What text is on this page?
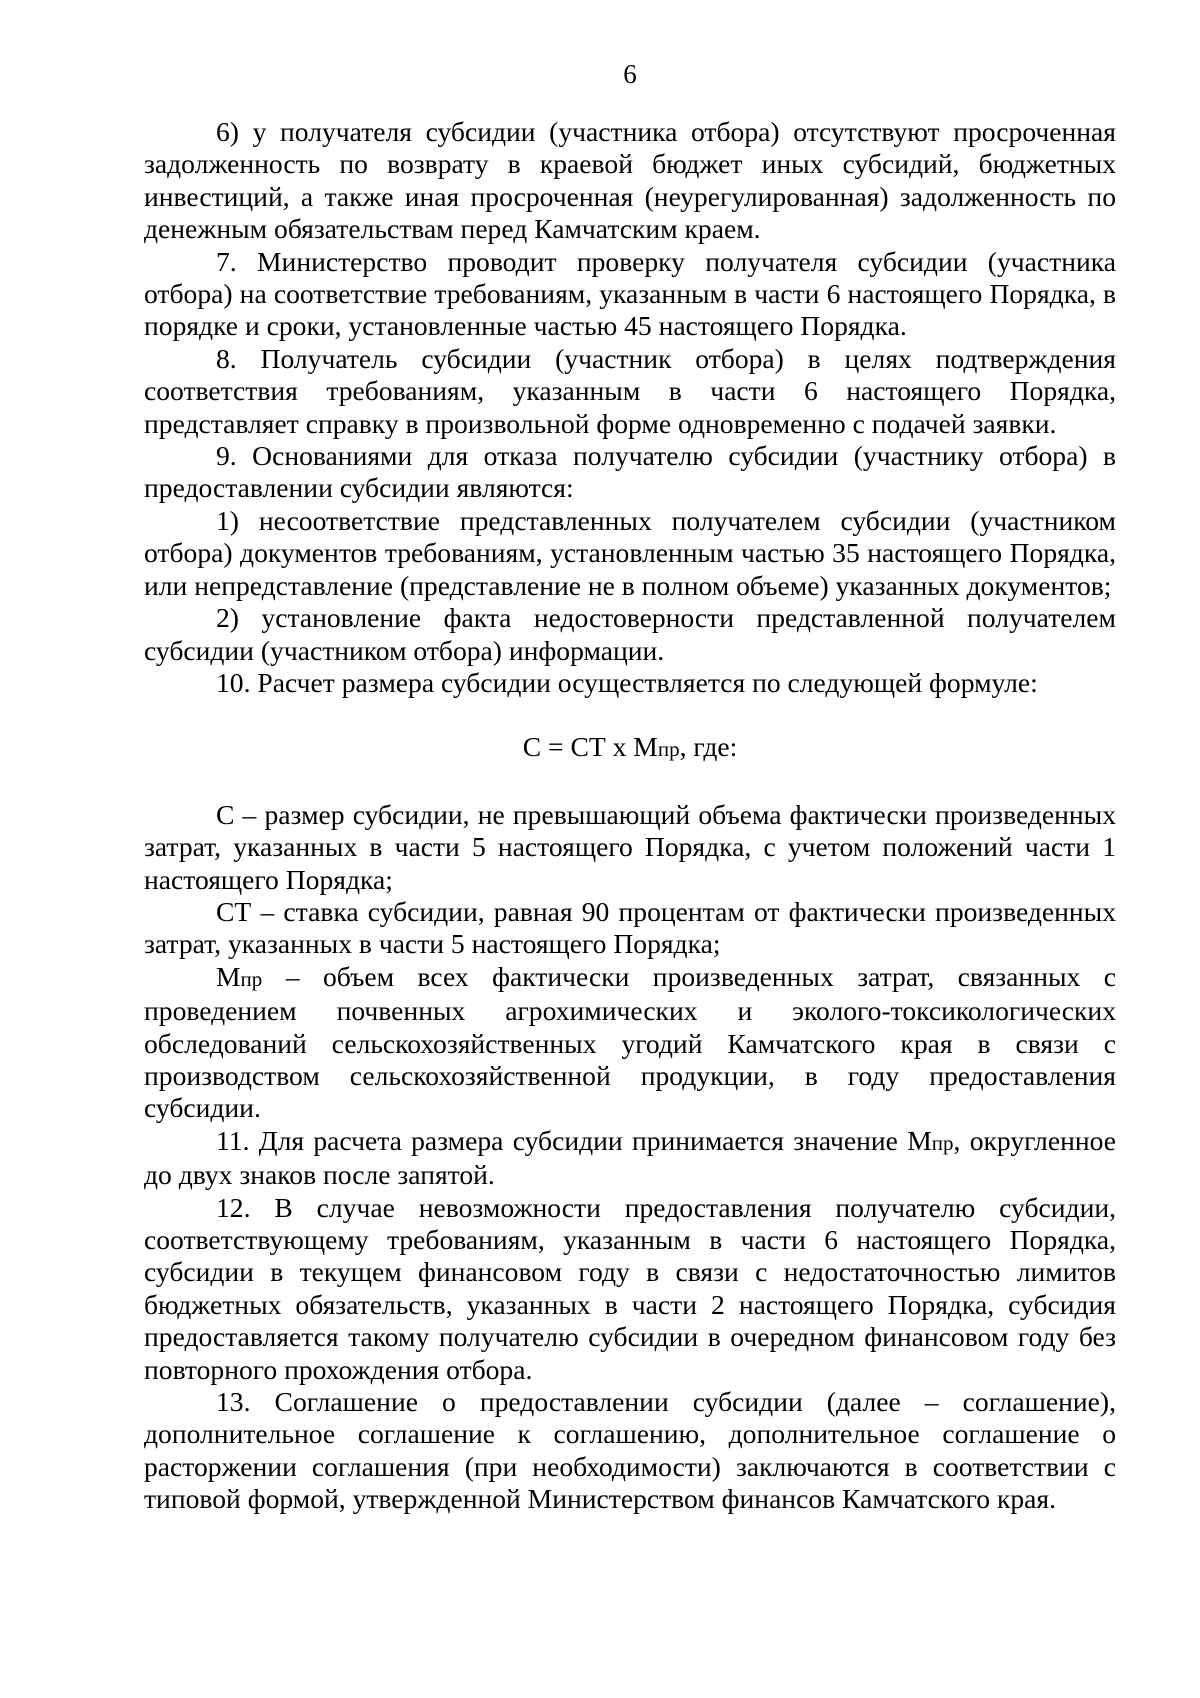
6

6) у получателя субсидии (участника отбора) отсутствуют просроченная задолженность по возврату в краевой бюджет иных субсидий, бюджетных инвестиций, а также иная просроченная (неурегулированная) задолженность по денежным обязательствам перед Камчатским краем.

7. Министерство проводит проверку получателя субсидии (участника отбора) на соответствие требованиям, указанным в части 6 настоящего Порядка, в порядке и сроки, установленные частью 45 настоящего Порядка.

8. Получатель субсидии (участник отбора) в целях подтверждения соответствия требованиям, указанным в части 6 настоящего Порядка, представляет справку в произвольной форме одновременно с подачей заявки.

9. Основаниями для отказа получателю субсидии (участнику отбора) в предоставлении субсидии являются:

1) несоответствие представленных получателем субсидии (участником отбора) документов требованиям, установленным частью 35 настоящего Порядка, или непредставление (представление не в полном объеме) указанных документов;

2) установление факта недостоверности представленной получателем субсидии (участником отбора) информации.

10. Расчет размера субсидии осуществляется по следующей формуле:

С = СТ х Мпр, где:

С – размер субсидии, не превышающий объема фактически произведенных затрат, указанных в части 5 настоящего Порядка, с учетом положений части 1 настоящего Порядка;

СТ – ставка субсидии, равная 90 процентам от фактически произведенных затрат, указанных в части 5 настоящего Порядка;

Мпр – объем всех фактически произведенных затрат, связанных с проведением почвенных агрохимических и эколого-токсикологических обследований сельскохозяйственных угодий Камчатского края в связи с производством сельскохозяйственной продукции, в году предоставления субсидии.

11. Для расчета размера субсидии принимается значение Мпр, округленное до двух знаков после запятой.

12. В случае невозможности предоставления получателю субсидии, соответствующему требованиям, указанным в части 6 настоящего Порядка, субсидии в текущем финансовом году в связи с недостаточностью лимитов бюджетных обязательств, указанных в части 2 настоящего Порядка, субсидия предоставляется такому получателю субсидии в очередном финансовом году без повторного прохождения отбора.

13. Соглашение о предоставлении субсидии (далее – соглашение), дополнительное соглашение к соглашению, дополнительное соглашение о расторжении соглашения (при необходимости) заключаются в соответствии с типовой формой, утвержденной Министерством финансов Камчатского края.
